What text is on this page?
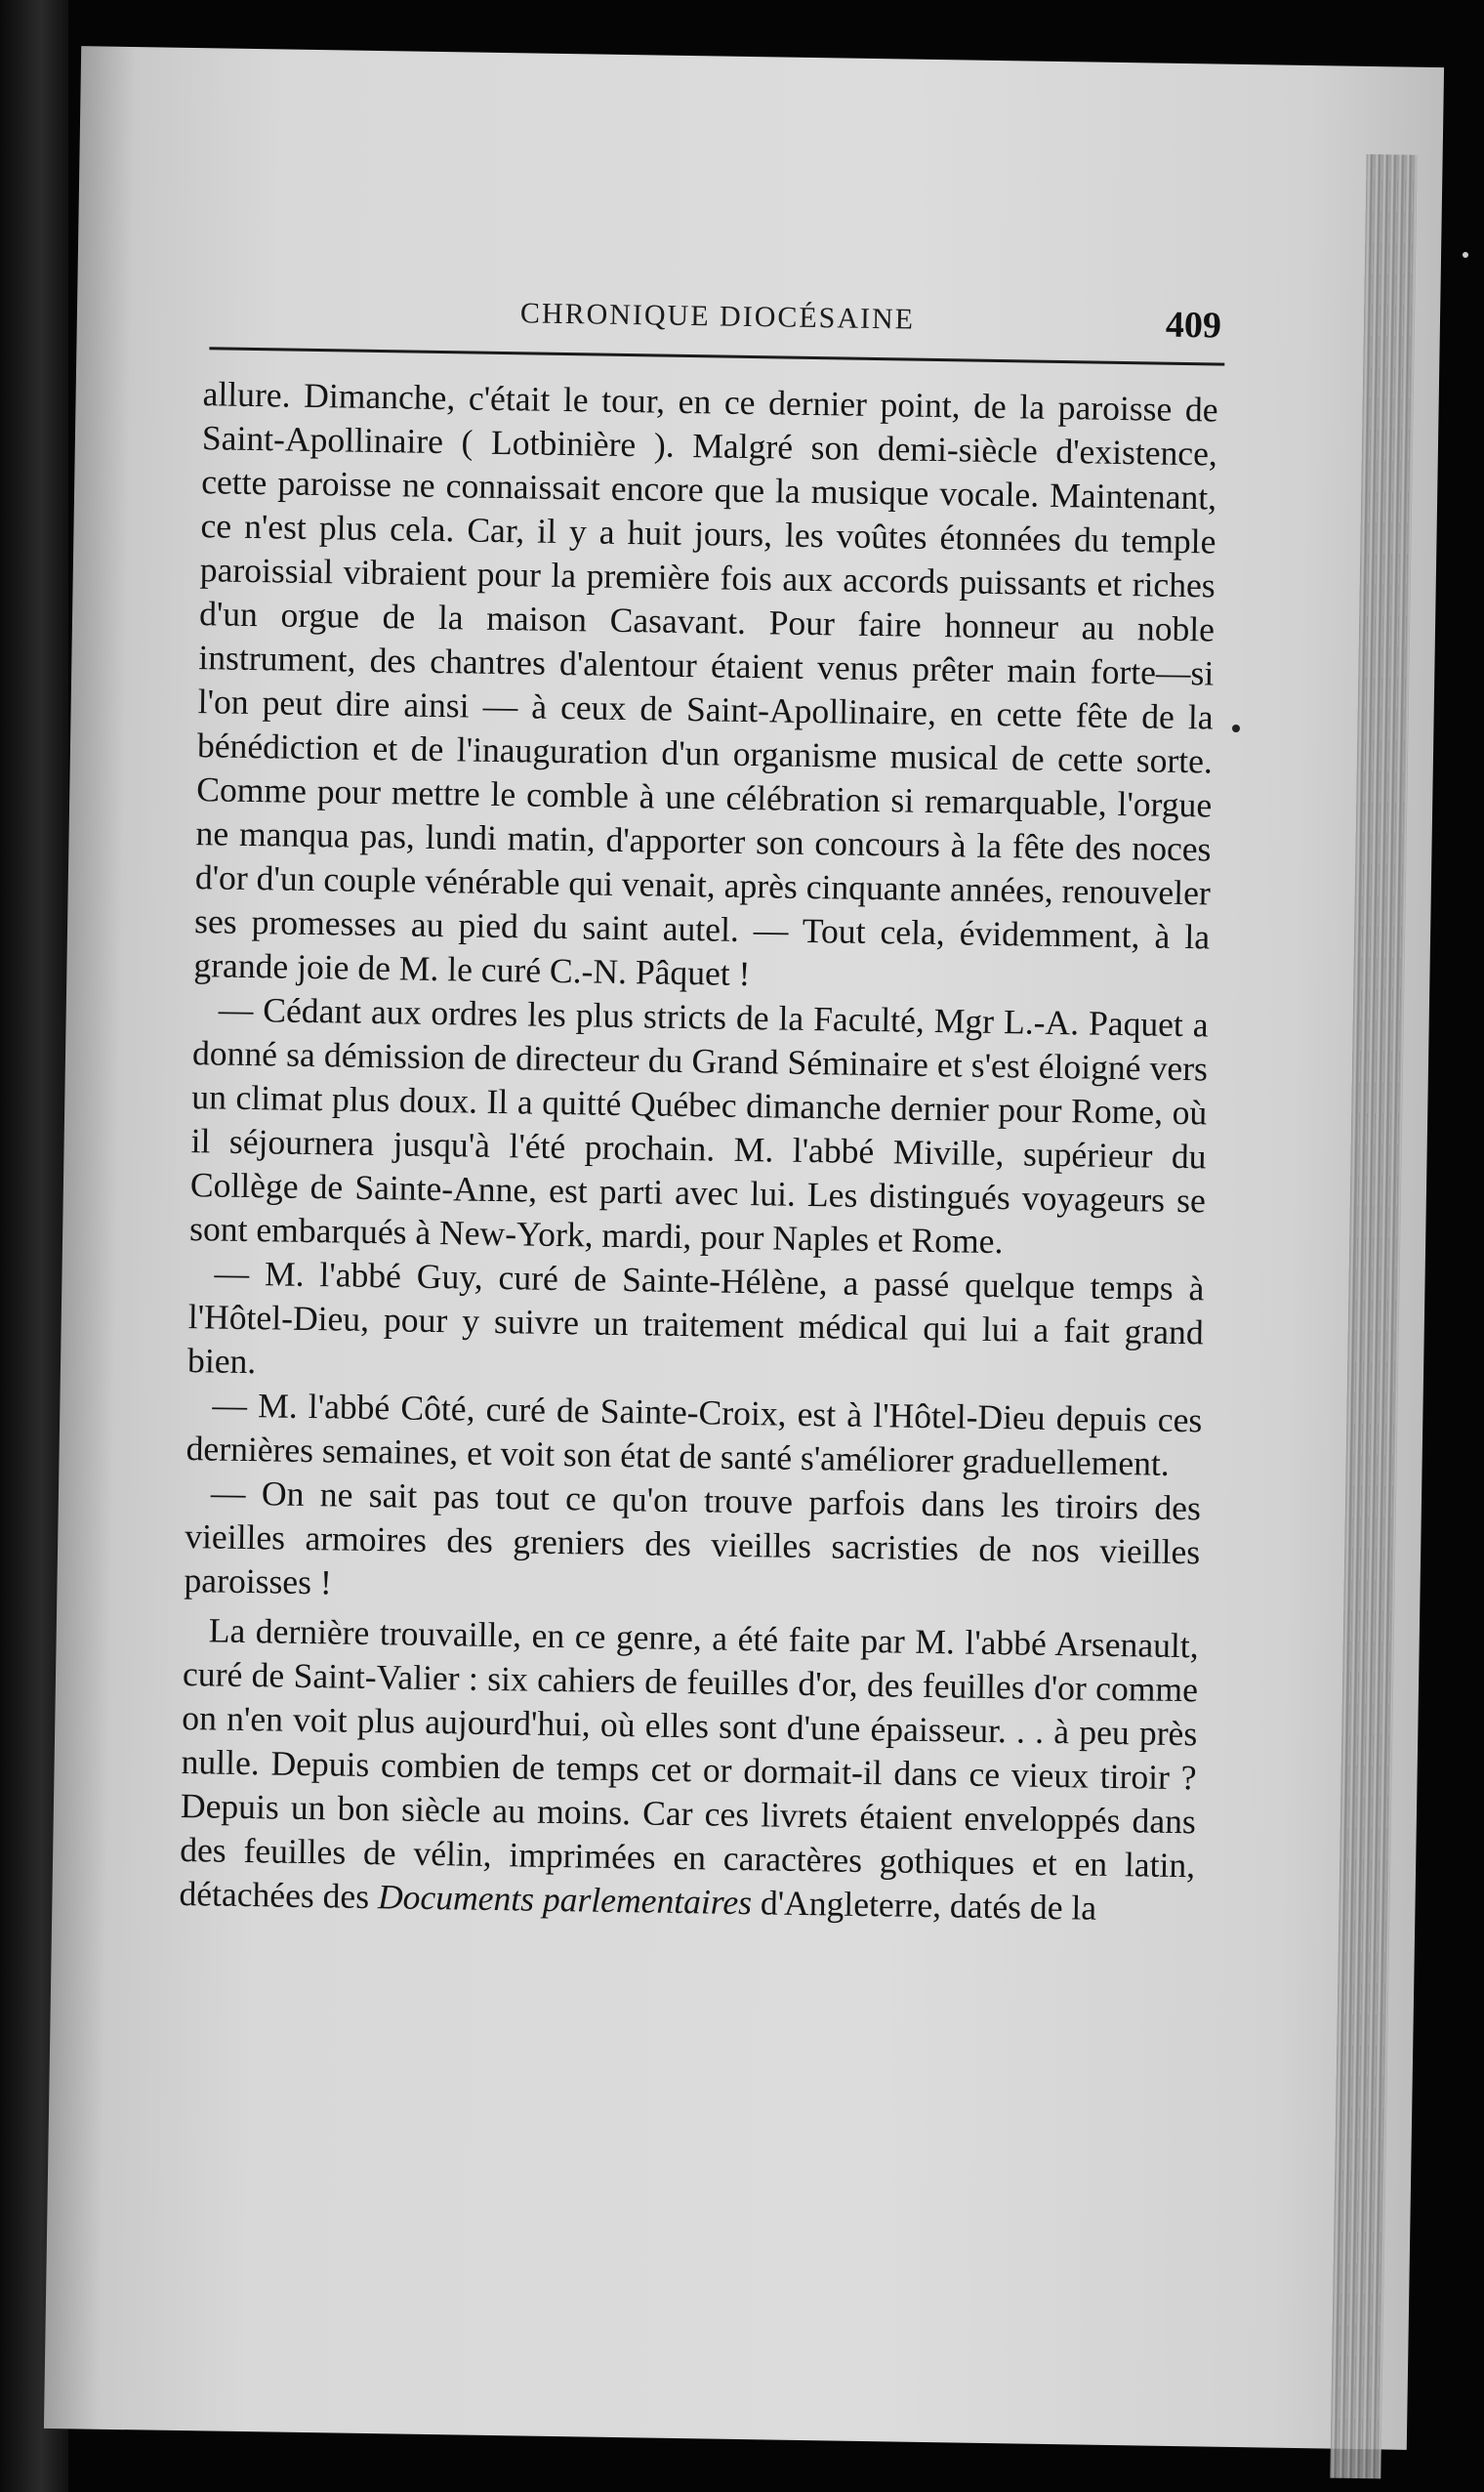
CHRONIQUE DIOCÉSAINE	409

allure. Dimanche, c'était le tour, en ce dernier point, de la paroisse de Saint-Apollinaire ( Lotbinière ). Malgré son demi-siècle d'existence, cette paroisse ne connaissait encore que la musique vocale. Maintenant, ce n'est plus cela. Car, il y a huit jours, les voûtes étonnées du temple paroissial vibraient pour la première fois aux accords puissants et riches d'un orgue de la maison Casavant. Pour faire honneur au noble instrument, des chantres d'alentour étaient venus prêter main forte—si l'on peut dire ainsi — à ceux de Saint-Apollinaire, en cette fête de la bénédiction et de l'inauguration d'un organisme musical de cette sorte. Comme pour mettre le comble à une célébration si remarquable, l'orgue ne manqua pas, lundi matin, d'apporter son concours à la fête des noces d'or d'un couple vénérable qui venait, après cinquante années, renouveler ses promesses au pied du saint autel. — Tout cela, évidemment, à la grande joie de M. le curé C.-N. Pâquet !

— Cédant aux ordres les plus stricts de la Faculté, Mgr L.-A. Paquet a donné sa démission de directeur du Grand Séminaire et s'est éloigné vers un climat plus doux. Il a quitté Québec dimanche dernier pour Rome, où il séjournera jusqu'à l'été prochain. M. l'abbé Miville, supérieur du Collège de Sainte-Anne, est parti avec lui. Les distingués voyageurs se sont embarqués à New-York, mardi, pour Naples et Rome.

— M. l'abbé Guy, curé de Sainte-Hélène, a passé quelque temps à l'Hôtel-Dieu, pour y suivre un traitement médical qui lui a fait grand bien.

— M. l'abbé Côté, curé de Sainte-Croix, est à l'Hôtel-Dieu depuis ces dernières semaines, et voit son état de santé s'améliorer graduellement.

— On ne sait pas tout ce qu'on trouve parfois dans les tiroirs des vieilles armoires des greniers des vieilles sacristies de nos vieilles paroisses !

La dernière trouvaille, en ce genre, a été faite par M. l'abbé Arsenault, curé de Saint-Valier : six cahiers de feuilles d'or, des feuilles d'or comme on n'en voit plus aujourd'hui, où elles sont d'une épaisseur. . . à peu près nulle. Depuis combien de temps cet or dormait-il dans ce vieux tiroir ? Depuis un bon siècle au moins. Car ces livrets étaient enveloppés dans des feuilles de vélin, imprimées en caractères gothiques et en latin, détachées des Documents parlementaires d'Angleterre, datés de la
